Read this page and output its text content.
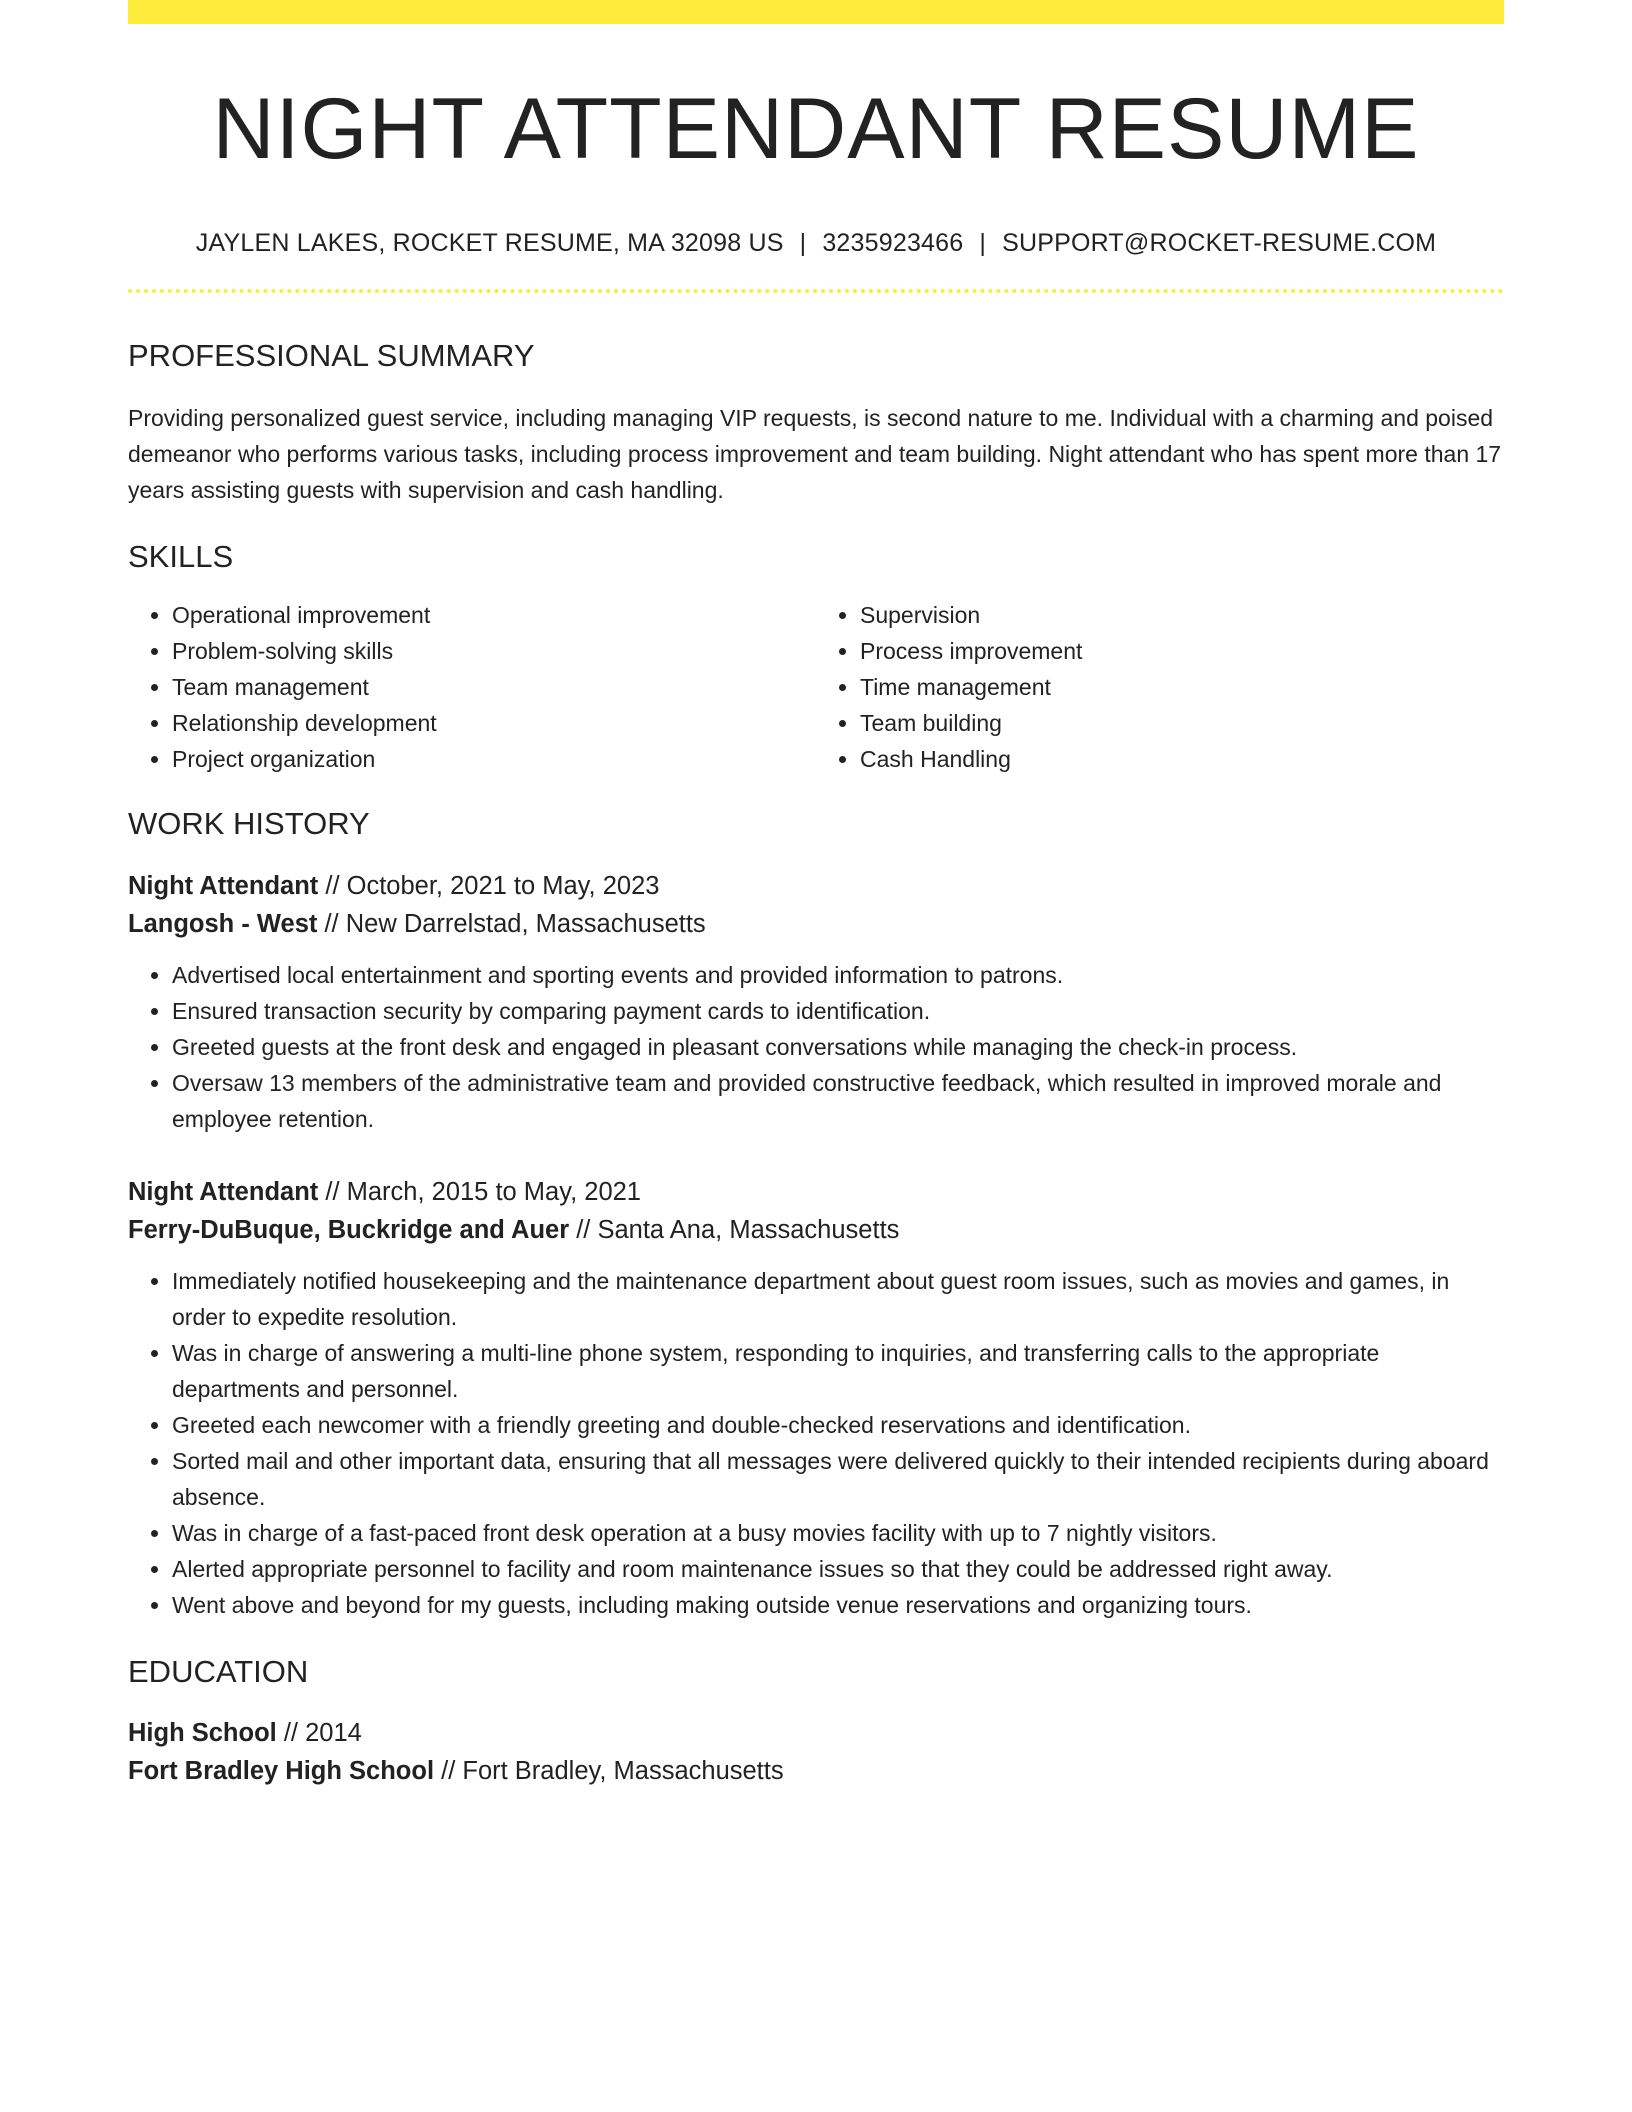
NIGHT ATTENDANT RESUME
JAYLEN LAKES, ROCKET RESUME, MA 32098 US | 3235923466 | SUPPORT@ROCKET-RESUME.COM
PROFESSIONAL SUMMARY
Providing personalized guest service, including managing VIP requests, is second nature to me. Individual with a charming and poised demeanor who performs various tasks, including process improvement and team building. Night attendant who has spent more than 17 years assisting guests with supervision and cash handling.
SKILLS
• Operational improvement
• Problem-solving skills
• Team management
• Relationship development
• Project organization
• Supervision
• Process improvement
• Time management
• Team building
• Cash Handling
WORK HISTORY
Night Attendant // October, 2021 to May, 2023
Langosh - West // New Darrelstad, Massachusetts
• Advertised local entertainment and sporting events and provided information to patrons.
• Ensured transaction security by comparing payment cards to identification.
• Greeted guests at the front desk and engaged in pleasant conversations while managing the check-in process.
• Oversaw 13 members of the administrative team and provided constructive feedback, which resulted in improved morale and employee retention.
Night Attendant // March, 2015 to May, 2021
Ferry-DuBuque, Buckridge and Auer // Santa Ana, Massachusetts
• Immediately notified housekeeping and the maintenance department about guest room issues, such as movies and games, in order to expedite resolution.
• Was in charge of answering a multi-line phone system, responding to inquiries, and transferring calls to the appropriate departments and personnel.
• Greeted each newcomer with a friendly greeting and double-checked reservations and identification.
• Sorted mail and other important data, ensuring that all messages were delivered quickly to their intended recipients during aboard absence.
• Was in charge of a fast-paced front desk operation at a busy movies facility with up to 7 nightly visitors.
• Alerted appropriate personnel to facility and room maintenance issues so that they could be addressed right away.
• Went above and beyond for my guests, including making outside venue reservations and organizing tours.
EDUCATION
High School // 2014
Fort Bradley High School // Fort Bradley, Massachusetts
